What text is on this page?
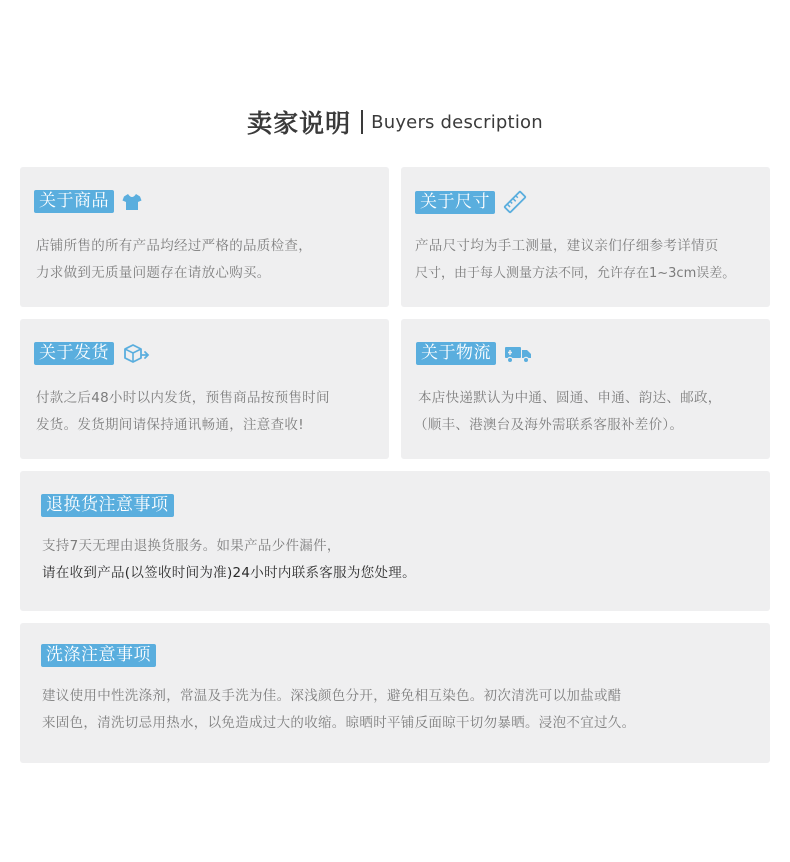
卖家说明 Buyers description
关于商品
店铺所售的所有产品均经过严格的品质检查，
力求做到无质量问题存在请放心购买。
关于尺寸
产品尺寸均为手工测量，建议亲们仔细参考详情页
尺寸，由于每人测量方法不同，允许存在1~3cm误差。
关于发货
付款之后48小时以内发货，预售商品按预售时间
发货。发货期间请保持通讯畅通，注意查收!
关于物流
本店快递默认为中通、圆通、申通、韵达、邮政，
（顺丰、港澳台及海外需联系客服补差价）。
退换货注意事项
支持7天无理由退换货服务。如果产品少件漏件，
请在收到产品(以签收时间为准)24小时内联系客服为您处理。
洗涤注意事项
建议使用中性洗涤剂，常温及手洗为佳。深浅颜色分开，避免相互染色。初次清洗可以加盐或醋
来固色，清洗切忌用热水，以免造成过大的收缩。晾晒时平铺反面晾干切勿暴晒。浸泡不宜过久。
